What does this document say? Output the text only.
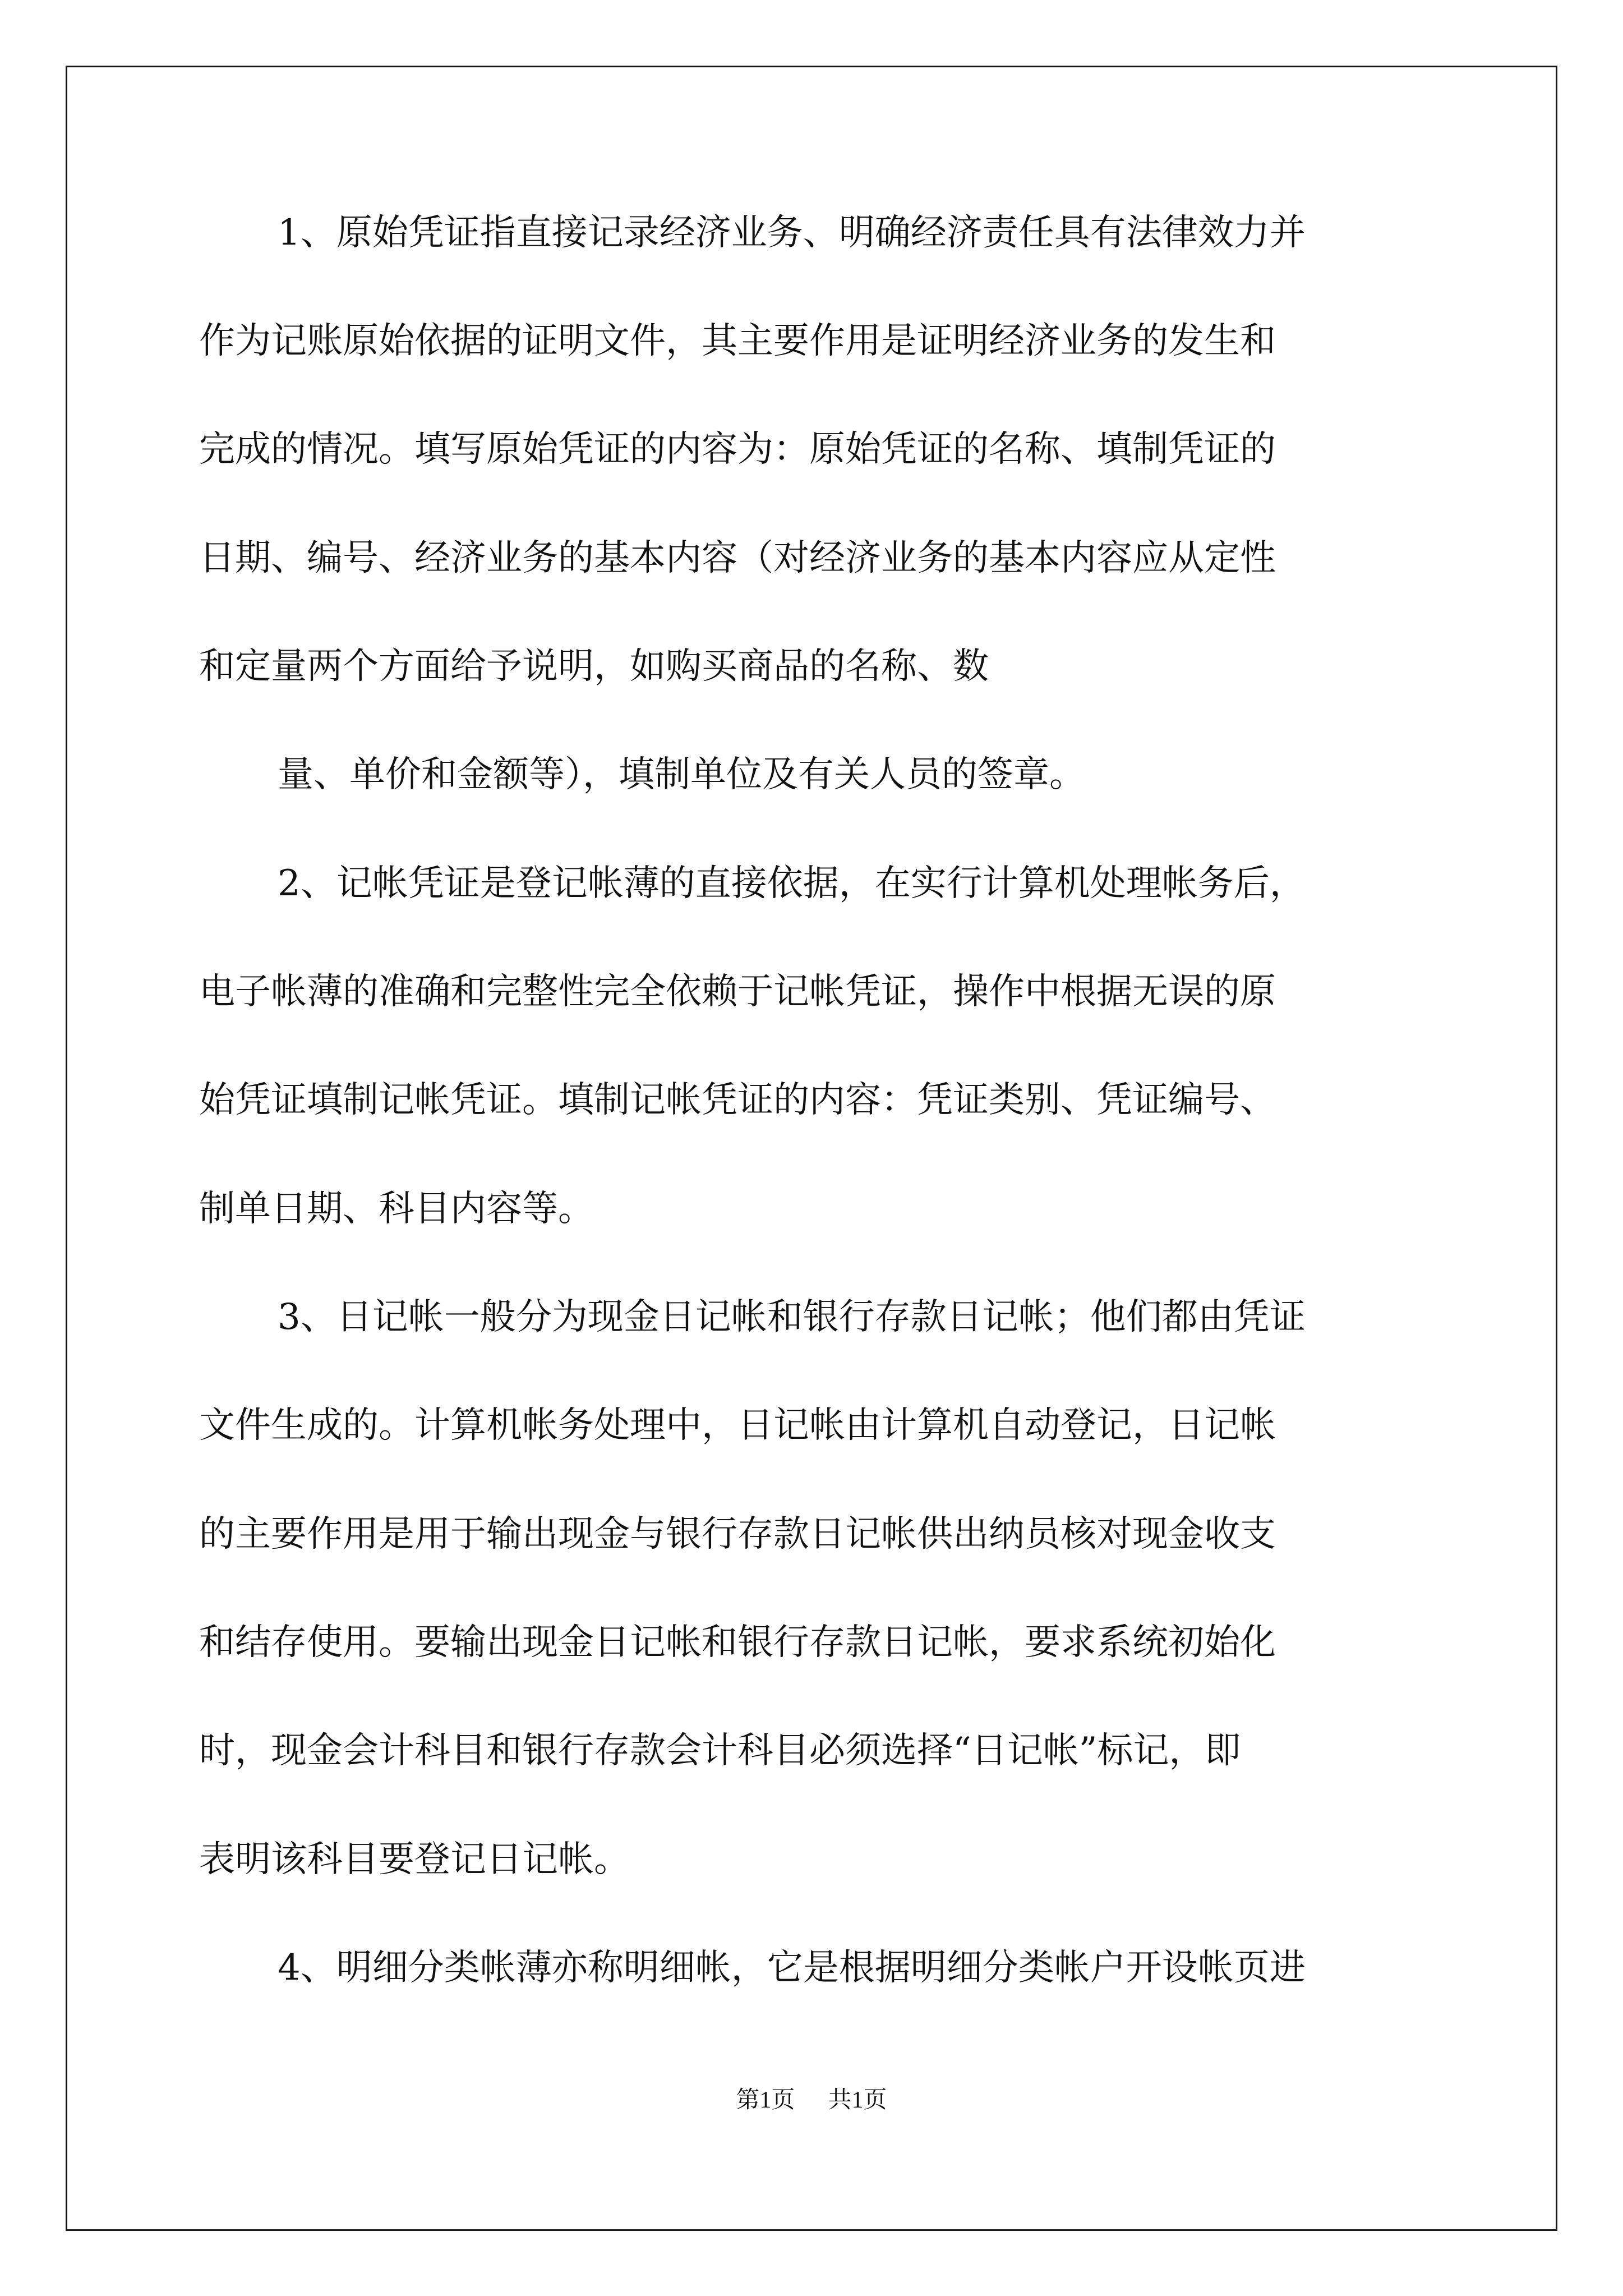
1、原始凭证指直接记录经济业务、明确经济责任具有法律效力并
作为记账原始依据的证明文件，其主要作用是证明经济业务的发生和
完成的情况。填写原始凭证的内容为：原始凭证的名称、填制凭证的
日期、编号、经济业务的基本内容（对经济业务的基本内容应从定性
和定量两个方面给予说明，如购买商品的名称、数
量、单价和金额等），填制单位及有关人员的签章。
2、记帐凭证是登记帐薄的直接依据，在实行计算机处理帐务后，
电子帐薄的准确和完整性完全依赖于记帐凭证，操作中根据无误的原
始凭证填制记帐凭证。填制记帐凭证的内容：凭证类别、凭证编号、
制单日期、科目内容等。
3、日记帐一般分为现金日记帐和银行存款日记帐；他们都由凭证
文件生成的。计算机帐务处理中，日记帐由计算机自动登记，日记帐
的主要作用是用于输出现金与银行存款日记帐供出纳员核对现金收支
和结存使用。要输出现金日记帐和银行存款日记帐，要求系统初始化
时，现金会计科目和银行存款会计科目必须选择“日记帐”标记，即
表明该科目要登记日记帐。
4、明细分类帐薄亦称明细帐，它是根据明细分类帐户开设帐页进
第1页 共1页
